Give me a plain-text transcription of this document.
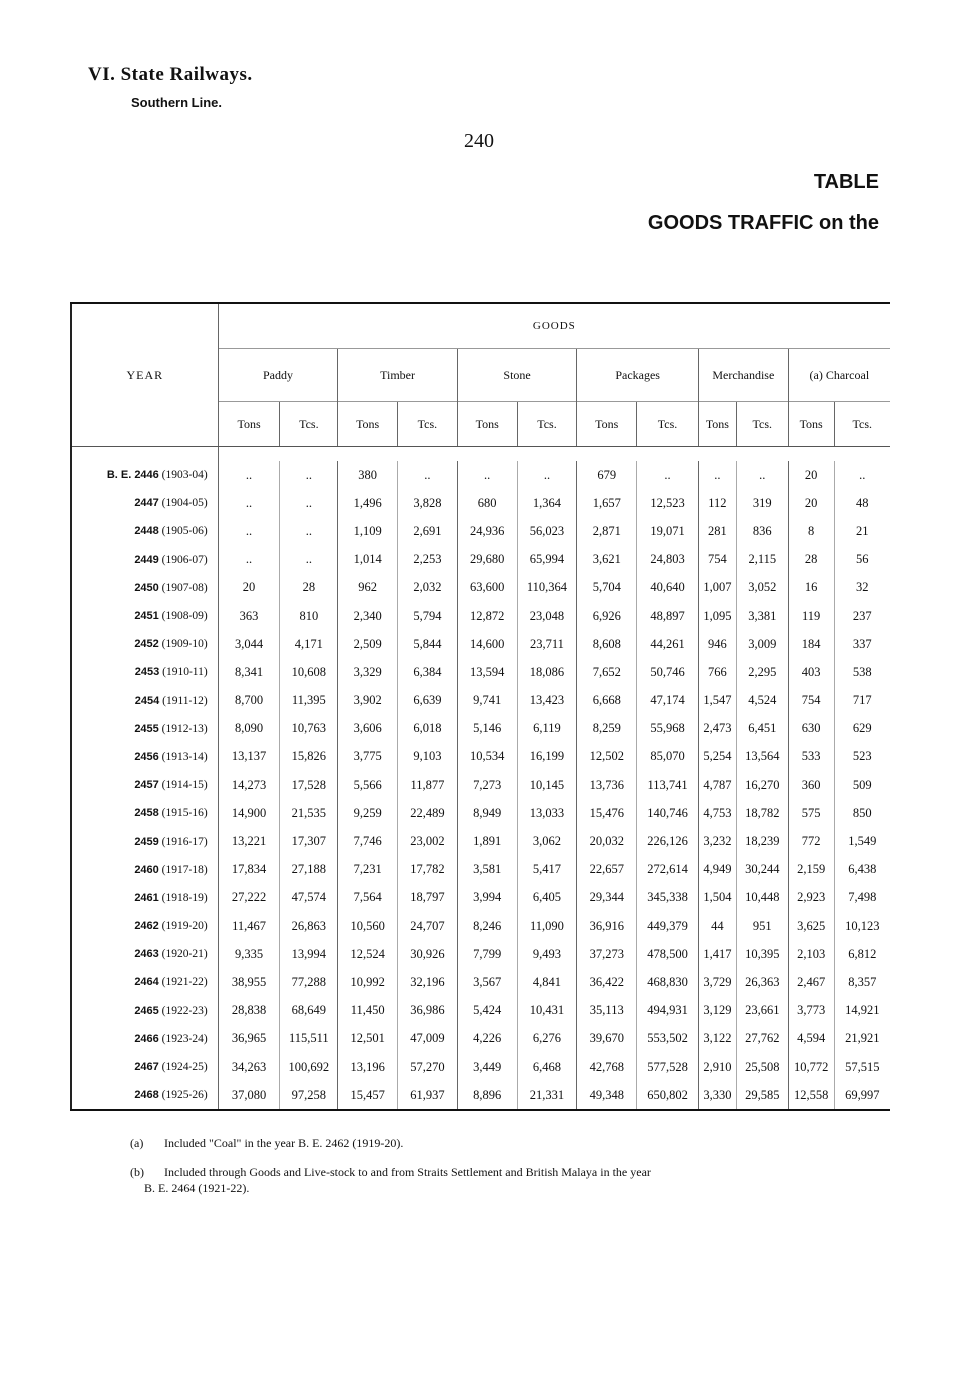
VI. State Railways.
Southern Line.
240
TABLE
GOODS TRAFFIC on the
YEAR	GOODS											
	Paddy		Timber		Stone		Packages		Merchandise		(a) Charcoal	
	Tons	Tcs.	Tons	Tcs.	Tons	Tcs.	Tons	Tcs.	Tons	Tcs.	Tons	Tcs.

B. E. 2446 (1903-04)	..	..	380	..	..	..	679	..	..	..	20	..
2447 (1904-05)	..	..	1,496	3,828	680	1,364	1,657	12,523	112	319	20	48
2448 (1905-06)	..	..	1,109	2,691	24,936	56,023	2,871	19,071	281	836	8	21
2449 (1906-07)	..	..	1,014	2,253	29,680	65,994	3,621	24,803	754	2,115	28	56
2450 (1907-08)	20	28	962	2,032	63,600	110,364	5,704	40,640	1,007	3,052	16	32
2451 (1908-09)	363	810	2,340	5,794	12,872	23,048	6,926	48,897	1,095	3,381	119	237
2452 (1909-10)	3,044	4,171	2,509	5,844	14,600	23,711	8,608	44,261	946	3,009	184	337
2453 (1910-11)	8,341	10,608	3,329	6,384	13,594	18,086	7,652	50,746	766	2,295	403	538
2454 (1911-12)	8,700	11,395	3,902	6,639	9,741	13,423	6,668	47,174	1,547	4,524	754	717
2455 (1912-13)	8,090	10,763	3,606	6,018	5,146	6,119	8,259	55,968	2,473	6,451	630	629
2456 (1913-14)	13,137	15,826	3,775	9,103	10,534	16,199	12,502	85,070	5,254	13,564	533	523
2457 (1914-15)	14,273	17,528	5,566	11,877	7,273	10,145	13,736	113,741	4,787	16,270	360	509
2458 (1915-16)	14,900	21,535	9,259	22,489	8,949	13,033	15,476	140,746	4,753	18,782	575	850
2459 (1916-17)	13,221	17,307	7,746	23,002	1,891	3,062	20,032	226,126	3,232	18,239	772	1,549
2460 (1917-18)	17,834	27,188	7,231	17,782	3,581	5,417	22,657	272,614	4,949	30,244	2,159	6,438
2461 (1918-19)	27,222	47,574	7,564	18,797	3,994	6,405	29,344	345,338	1,504	10,448	2,923	7,498
2462 (1919-20)	11,467	26,863	10,560	24,707	8,246	11,090	36,916	449,379	44	951	3,625	10,123
2463 (1920-21)	9,335	13,994	12,524	30,926	7,799	9,493	37,273	478,500	1,417	10,395	2,103	6,812
2464 (1921-22)	38,955	77,288	10,992	32,196	3,567	4,841	36,422	468,830	3,729	26,363	2,467	8,357
2465 (1922-23)	28,838	68,649	11,450	36,986	5,424	10,431	35,113	494,931	3,129	23,661	3,773	14,921
2466 (1923-24)	36,965	115,511	12,501	47,009	4,226	6,276	39,670	553,502	3,122	27,762	4,594	21,921
2467 (1924-25)	34,263	100,692	13,196	57,270	3,449	6,468	42,768	577,528	2,910	25,508	10,772	57,515
2468 (1925-26)	37,080	97,258	15,457	61,937	8,896	21,331	49,348	650,802	3,330	29,585	12,558	69,997
(a) Included "Coal" in the year B. E. 2462 (1919-20).
(b) Included through Goods and Live-stock to and from Straits Settlement and British Malaya in the year
B. E. 2464 (1921-22).
